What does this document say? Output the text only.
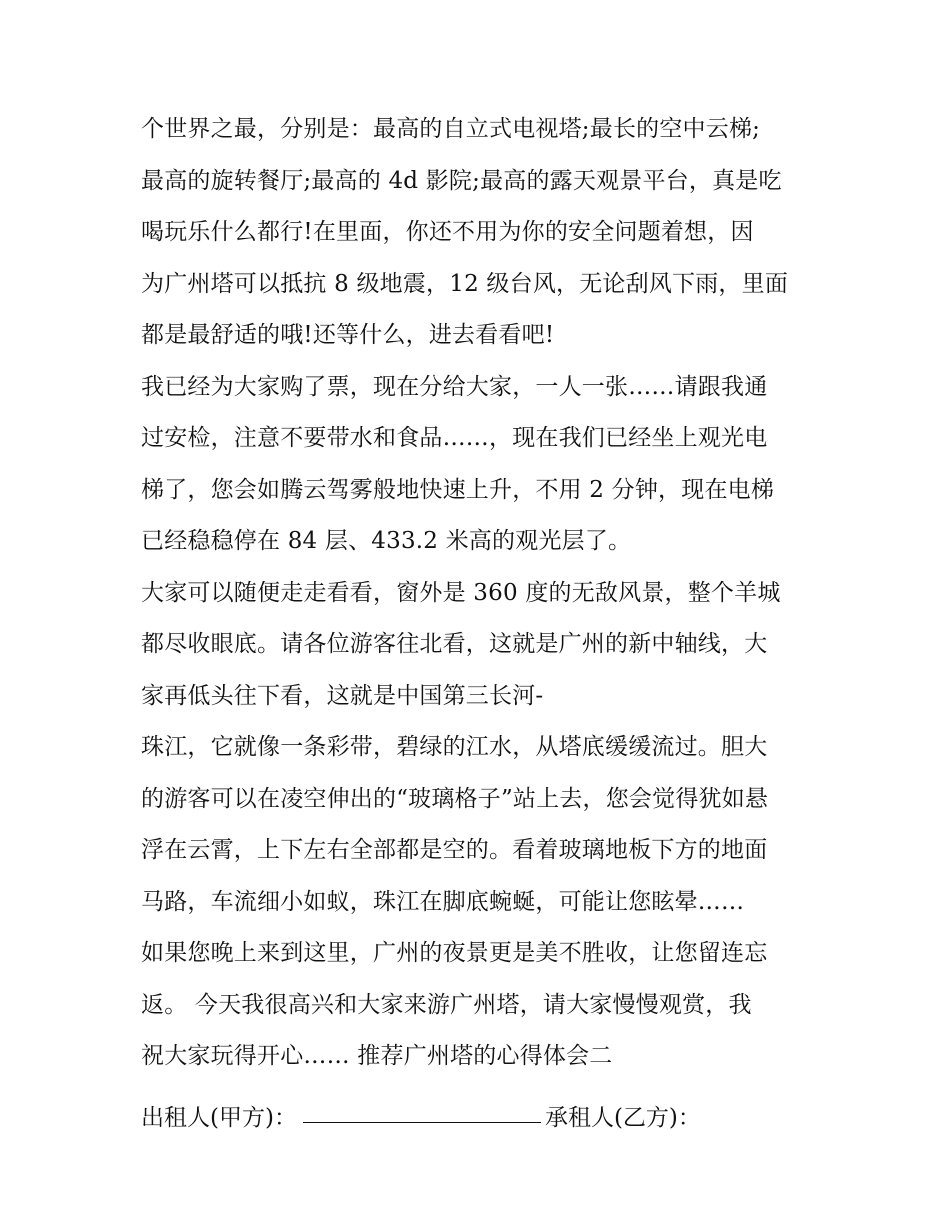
个世界之最，分别是：最高的自立式电视塔;最长的空中云梯;
最高的旋转餐厅;最高的 4d 影院;最高的露天观景平台，真是吃
喝玩乐什么都行!在里面，你还不用为你的安全问题着想，因
为广州塔可以抵抗 8 级地震，12 级台风，无论刮风下雨，里面
都是最舒适的哦!还等什么，进去看看吧!
我已经为大家购了票，现在分给大家，一人一张……请跟我通
过安检，注意不要带水和食品……，现在我们已经坐上观光电
梯了，您会如腾云驾雾般地快速上升，不用 2 分钟，现在电梯
已经稳稳停在 84 层、433.2 米高的观光层了。
大家可以随便走走看看，窗外是 360 度的无敌风景，整个羊城
都尽收眼底。请各位游客往北看，这就是广州的新中轴线，大
家再低头往下看，这就是中国第三长河-
珠江，它就像一条彩带，碧绿的江水，从塔底缓缓流过。胆大
的游客可以在凌空伸出的“玻璃格子”站上去，您会觉得犹如悬
浮在云霄，上下左右全部都是空的。看着玻璃地板下方的地面
马路，车流细小如蚁，珠江在脚底蜿蜒，可能让您眩晕……
如果您晚上来到这里，广州的夜景更是美不胜收，让您留连忘
返。 今天我很高兴和大家来游广州塔，请大家慢慢观赏，我
祝大家玩得开心…… 推荐广州塔的心得体会二
出租人(甲方)：	承租人(乙方)：
